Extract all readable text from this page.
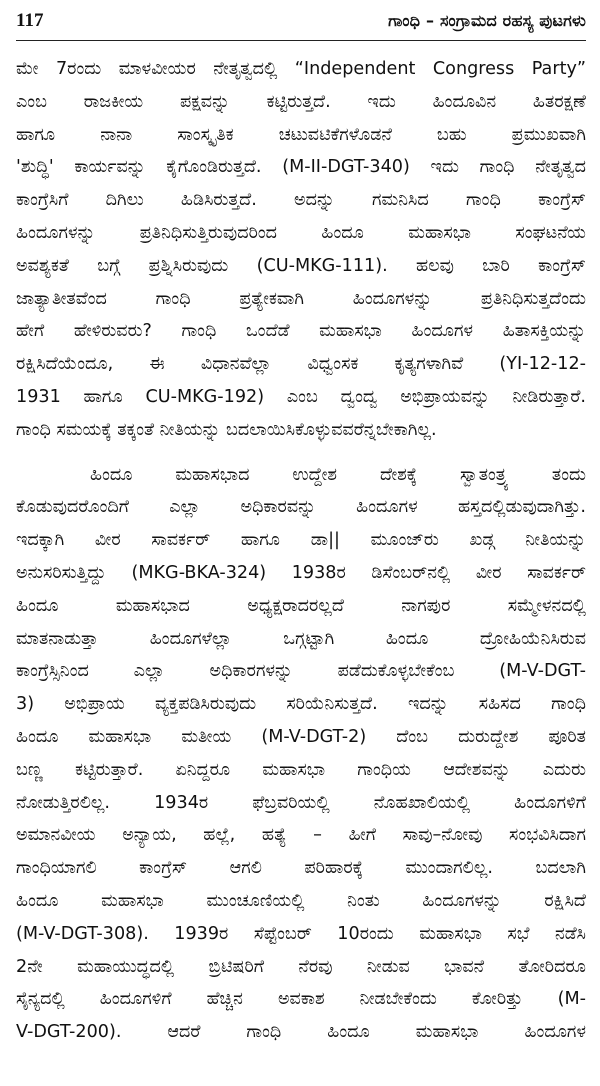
117	ಗಾಂಧಿ – ಸಂಗ್ರಾಮದ ರಹಸ್ಯ ಪುಟಗಳು

ಮೇ 7ರಂದು ಮಾಳವೀಯರ ನೇತೃತ್ವದಲ್ಲಿ “Independent Congress Party”
ಎಂಬ ರಾಜಕೀಯ ಪಕ್ಷವನ್ನು ಕಟ್ಟಿರುತ್ತದೆ. ಇದು ಹಿಂದೂವಿನ ಹಿತರಕ್ಷಣೆ
ಹಾಗೂ ನಾನಾ ಸಾಂಸ್ಕೃತಿಕ ಚಟುವಟಿಕೆಗಳೊಡನೆ ಬಹು ಪ್ರಮುಖವಾಗಿ
'ಶುದ್ಧಿ' ಕಾರ್ಯವನ್ನು ಕೈಗೊಂಡಿರುತ್ತದೆ. (M-II-DGT-340) ಇದು ಗಾಂಧಿ ನೇತೃತ್ವದ
ಕಾಂಗ್ರೆಸಿಗೆ ದಿಗಿಲು ಹಿಡಿಸಿರುತ್ತದೆ. ಅದನ್ನು ಗಮನಿಸಿದ ಗಾಂಧಿ ಕಾಂಗ್ರೆಸ್
ಹಿಂದೂಗಳನ್ನು ಪ್ರತಿನಿಧಿಸುತ್ತಿರುವುದರಿಂದ ಹಿಂದೂ ಮಹಾಸಭಾ ಸಂಘಟನೆಯ
ಅವಶ್ಯಕತೆ ಬಗ್ಗೆ ಪ್ರಶ್ನಿಸಿರುವುದು (CU-MKG-111). ಹಲವು ಬಾರಿ ಕಾಂಗ್ರೆಸ್
ಜಾತ್ಯಾತೀತವೆಂದ ಗಾಂಧಿ ಪ್ರತ್ಯೇಕವಾಗಿ ಹಿಂದೂಗಳನ್ನು ಪ್ರತಿನಿಧಿಸುತ್ತದೆಂದು
ಹೇಗೆ ಹೇಳಿರುವರು? ಗಾಂಧಿ ಒಂದೆಡೆ ಮಹಾಸಭಾ ಹಿಂದೂಗಳ ಹಿತಾಸಕ್ತಿಯನ್ನು
ರಕ್ಷಿಸಿದೆಯೆಂದೂ, ಈ ವಿಧಾನವೆಲ್ಲಾ ವಿಧ್ವಂಸಕ ಕೃತ್ಯಗಳಾಗಿವೆ (YI-12-12-
1931 ಹಾಗೂ CU-MKG-192) ಎಂಬ ದ್ವಂದ್ವ ಅಭಿಪ್ರಾಯವನ್ನು ನೀಡಿರುತ್ತಾರೆ.
ಗಾಂಧಿ ಸಮಯಕ್ಕೆ ತಕ್ಕಂತೆ ನೀತಿಯನ್ನು ಬದಲಾಯಿಸಿಕೊಳ್ಳುವವರೆನ್ನಬೇಕಾಗಿಲ್ಲ.

ಹಿಂದೂ ಮಹಾಸಭಾದ ಉದ್ದೇಶ ದೇಶಕ್ಕೆ ಸ್ವಾತಂತ್ರ್ಯ ತಂದು
ಕೊಡುವುದರೊಂದಿಗೆ ಎಲ್ಲಾ ಅಧಿಕಾರವನ್ನು ಹಿಂದೂಗಳ ಹಸ್ತದಲ್ಲಿಡುವುದಾಗಿತ್ತು.
ಇದಕ್ಕಾಗಿ ವೀರ ಸಾವರ್ಕರ್ ಹಾಗೂ ಡಾ|| ಮೂಂಜ್‌ರು ಖಡ್ಗ ನೀತಿಯನ್ನು
ಅನುಸರಿಸುತ್ತಿದ್ದು (MKG-BKA-324) 1938ರ ಡಿಸೆಂಬರ್‌ನಲ್ಲಿ ವೀರ ಸಾವರ್ಕರ್
ಹಿಂದೂ ಮಹಾಸಭಾದ ಅಧ್ಯಕ್ಷರಾದರಲ್ಲದೆ ನಾಗಪುರ ಸಮ್ಮೇಳನದಲ್ಲಿ
ಮಾತನಾಡುತ್ತಾ ಹಿಂದೂಗಳೆಲ್ಲಾ ಒಗ್ಗಟ್ಟಾಗಿ ಹಿಂದೂ ದ್ರೋಹಿಯೆನಿಸಿರುವ
ಕಾಂಗ್ರೆಸ್ಸಿನಿಂದ ಎಲ್ಲಾ ಅಧಿಕಾರಗಳನ್ನು ಪಡೆದುಕೊಳ್ಳಬೇಕೆಂಬ (M-V-DGT-
3) ಅಭಿಪ್ರಾಯ ವ್ಯಕ್ತಪಡಿಸಿರುವುದು ಸರಿಯೆನಿಸುತ್ತದೆ. ಇದನ್ನು ಸಹಿಸದ ಗಾಂಧಿ
ಹಿಂದೂ ಮಹಾಸಭಾ ಮತೀಯ (M-V-DGT-2) ದೆಂಬ ದುರುದ್ದೇಶ ಪೂರಿತ
ಬಣ್ಣ ಕಟ್ಟಿರುತ್ತಾರೆ. ಏನಿದ್ದರೂ ಮಹಾಸಭಾ ಗಾಂಧಿಯ ಆದೇಶವನ್ನು ಎದುರು
ನೋಡುತ್ತಿರಲಿಲ್ಲ. 1934ರ ಫೆಬ್ರವರಿಯಲ್ಲಿ ನೊಹಖಾಲಿಯಲ್ಲಿ ಹಿಂದೂಗಳಿಗೆ
ಅಮಾನವೀಯ ಅನ್ಯಾಯ, ಹಲ್ಲೆ, ಹತ್ಯೆ – ಹೀಗೆ ಸಾವು–ನೋವು ಸಂಭವಿಸಿದಾಗ
ಗಾಂಧಿಯಾಗಲಿ ಕಾಂಗ್ರೆಸ್ ಆಗಲಿ ಪರಿಹಾರಕ್ಕೆ ಮುಂದಾಗಲಿಲ್ಲ. ಬದಲಾಗಿ
ಹಿಂದೂ ಮಹಾಸಭಾ ಮುಂಚೂಣಿಯಲ್ಲಿ ನಿಂತು ಹಿಂದೂಗಳನ್ನು ರಕ್ಷಿಸಿದೆ
(M-V-DGT-308). 1939ರ ಸೆಪ್ಟೆಂಬರ್ 10ರಂದು ಮಹಾಸಭಾ ಸಭೆ ನಡೆಸಿ
2ನೇ ಮಹಾಯುದ್ಧದಲ್ಲಿ ಬ್ರಿಟಿಷರಿಗೆ ನೆರವು ನೀಡುವ ಭಾವನೆ ತೋರಿದರೂ
ಸೈನ್ಯದಲ್ಲಿ ಹಿಂದೂಗಳಿಗೆ ಹೆಚ್ಚಿನ ಅವಕಾಶ ನೀಡಬೇಕೆಂದು ಕೋರಿತ್ತು (M-
V-DGT-200). ಆದರೆ ಗಾಂಧಿ ಹಿಂದೂ ಮಹಾಸಭಾ ಹಿಂದೂಗಳ
